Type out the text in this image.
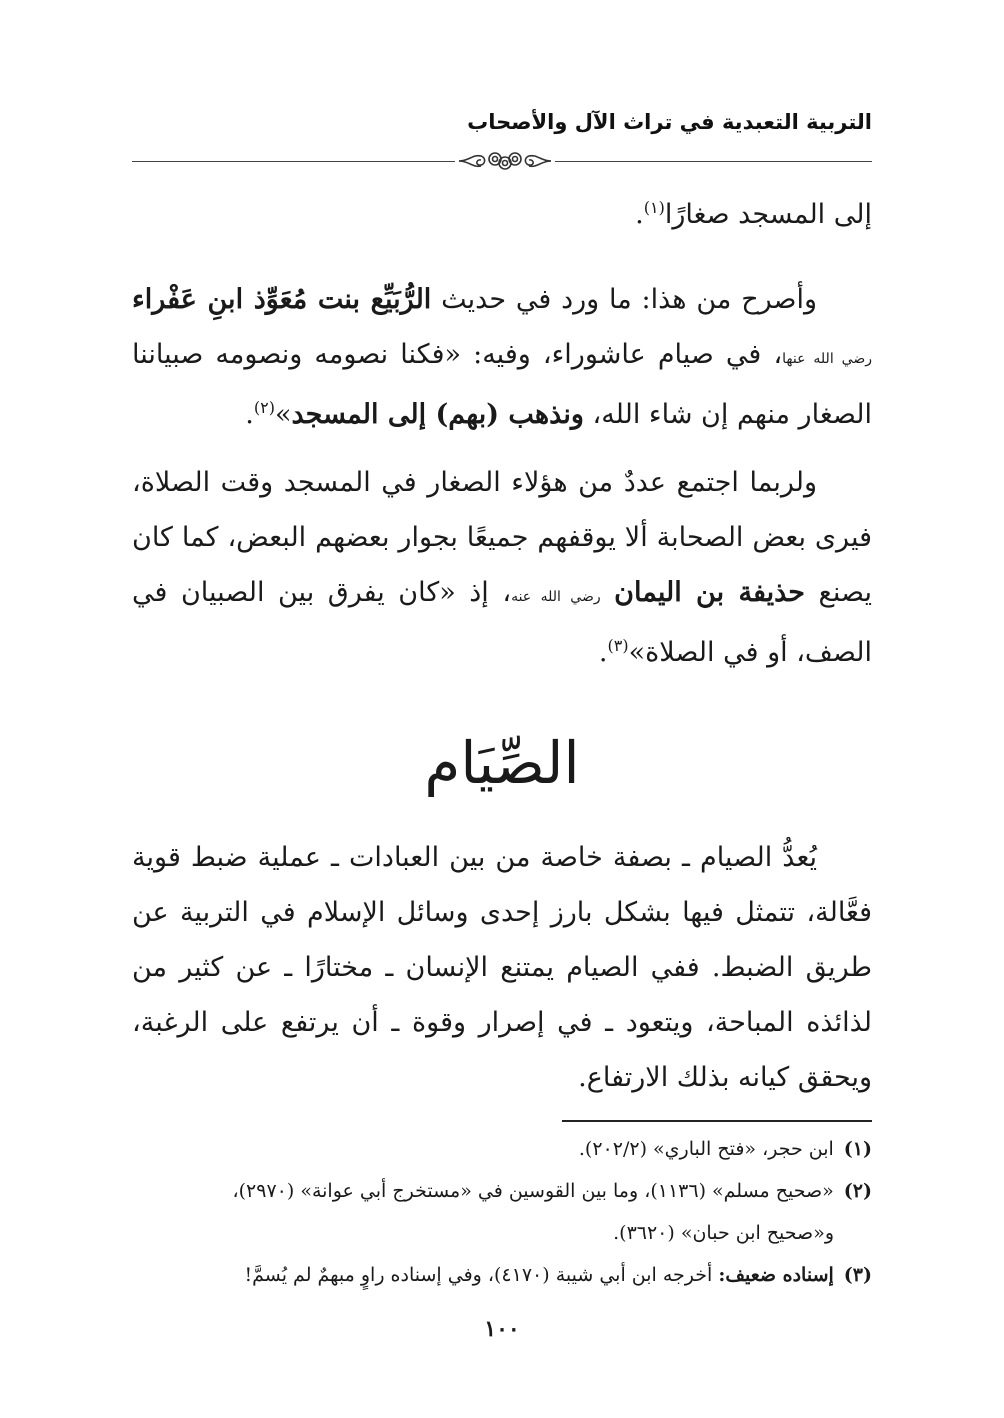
التربية التعبدية في تراث الآل والأصحاب

إلى المسجد صغارًا$^{(١)}$.

وأصرح من هذا: ما ورد في حديث الرُّبَيِّع بنت مُعَوِّذ ابنِ عَفْراء رضي الله عنها، في صيام عاشوراء، وفيه: «فكنا نصومه ونصومه صبياننا الصغار منهم إن شاء الله، ونذهب (بهم) إلى المسجد»$^{(٢)}$.

ولربما اجتمع عددٌ من هؤلاء الصغار في المسجد وقت الصلاة، فيرى بعض الصحابة ألا يوقفهم جميعًا بجوار بعضهم البعض، كما كان يصنع حذيفة بن اليمان رضي الله عنه، إذ «كان يفرق بين الصبيان في الصف، أو في الصلاة»$^{(٣)}$.

الصِّيَام

يُعدُّ الصيام ـ بصفة خاصة من بين العبادات ـ عملية ضبط قوية فعَّالة، تتمثل فيها بشكل بارز إحدى وسائل الإسلام في التربية عن طريق الضبط. ففي الصيام يمتنع الإنسان ـ مختارًا ـ عن كثير من لذائذه المباحة، ويتعود ـ في إصرار وقوة ـ أن يرتفع على الرغبة، ويحقق كيانه بذلك الارتفاع.

(١)ابن حجر، «فتح الباري» (٢٠٢/٢).

(٢)«صحيح مسلم» (١١٣٦)، وما بين القوسين في «مستخرج أبي عوانة» (٢٩٧٠)،

و«صحيح ابن حبان» (٣٦٢٠).

(٣)إسناده ضعيف: أخرجه ابن أبي شيبة (٤١٧٠)، وفي إسناده راوٍ مبهمٌ لم يُسمَّ!

١٠٠
